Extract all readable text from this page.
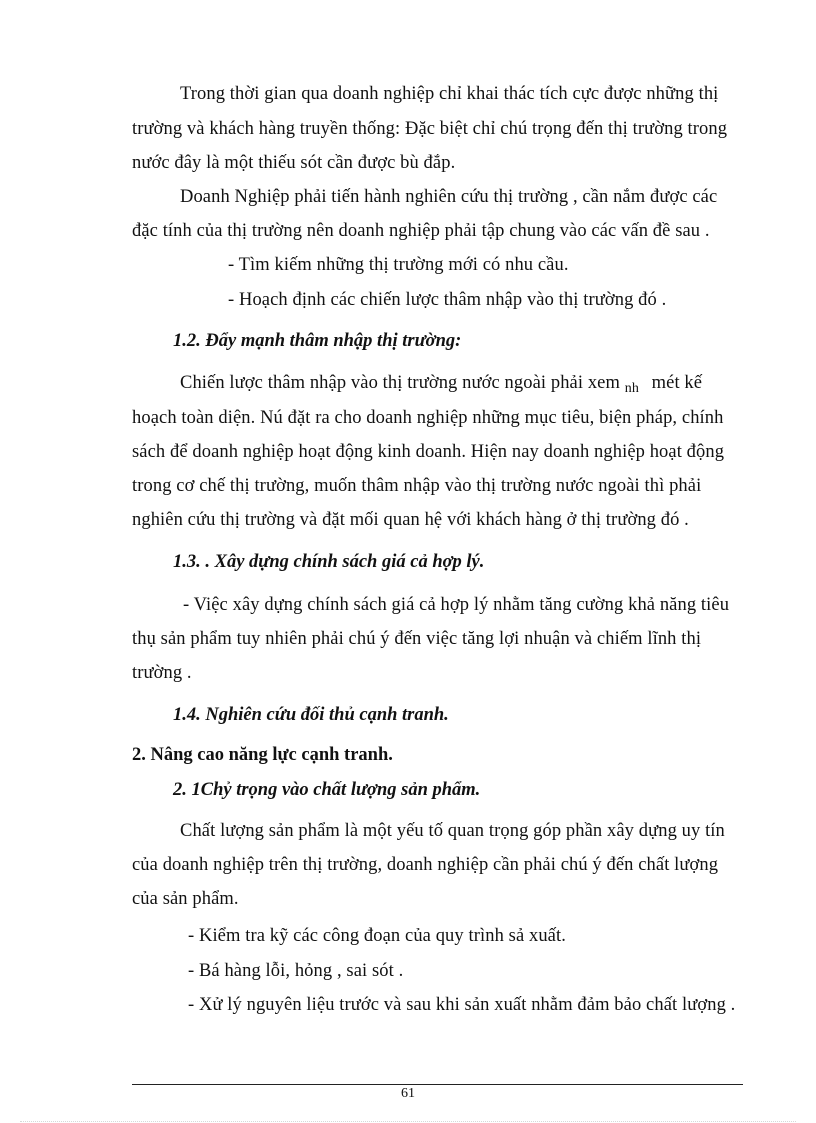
Trong thời gian qua doanh nghiệp chỉ khai thác tích cực được những thị
trường và khách hàng truyền thống: Đặc biệt chỉ chú trọng đến thị trường trong
nước đây là một thiếu sót cần được bù đắp.
Doanh Nghiệp phải tiến hành nghiên cứu thị trường , cần nắm được các
đặc tính của thị trường nên doanh nghiệp phải tập chung vào các vấn đề sau .
- Tìm kiếm những thị trường mới có nhu cầu.
- Hoạch định các chiến lược thâm nhập vào thị trường đó .
1.2. Đẩy mạnh thâm nhập thị trường:
Chiến lược thâm nhập vào thị trường nước ngoài phải xem $_{nh}$ mét kế
hoạch toàn diện. Nú đặt ra cho doanh nghiệp những mục tiêu, biện pháp, chính
sách để doanh nghiệp hoạt động kinh doanh. Hiện nay doanh nghiệp hoạt động
trong cơ chế thị trường, muốn thâm nhập vào thị trường nước ngoài thì phải
nghiên cứu thị trường và đặt mối quan hệ với khách hàng ở thị trường đó .
1.3. . Xây dựng chính sách giá cả hợp lý.
- Việc xây dựng chính sách giá cả hợp lý nhằm tăng cường khả năng tiêu
thụ sản phẩm tuy nhiên phải chú ý đến việc tăng lợi nhuận và chiếm lĩnh thị
trường .
1.4. Nghiên cứu đối thủ cạnh tranh.
2. Nâng cao năng lực cạnh tranh.
2. 1Chỷ trọng vào chất lượng sản phẩm.
Chất lượng sản phẩm là một yếu tố quan trọng góp phần xây dựng uy tín
của doanh nghiệp trên thị trường, doanh nghiệp cần phải chú ý đến chất lượng
của sản phẩm.
- Kiểm tra kỹ các công đoạn của quy trình sả xuất.
- Bá hàng lỗi, hỏng , sai sót .
- Xử lý nguyên liệu trước và sau khi sản xuất nhằm đảm bảo chất lượng .
61
